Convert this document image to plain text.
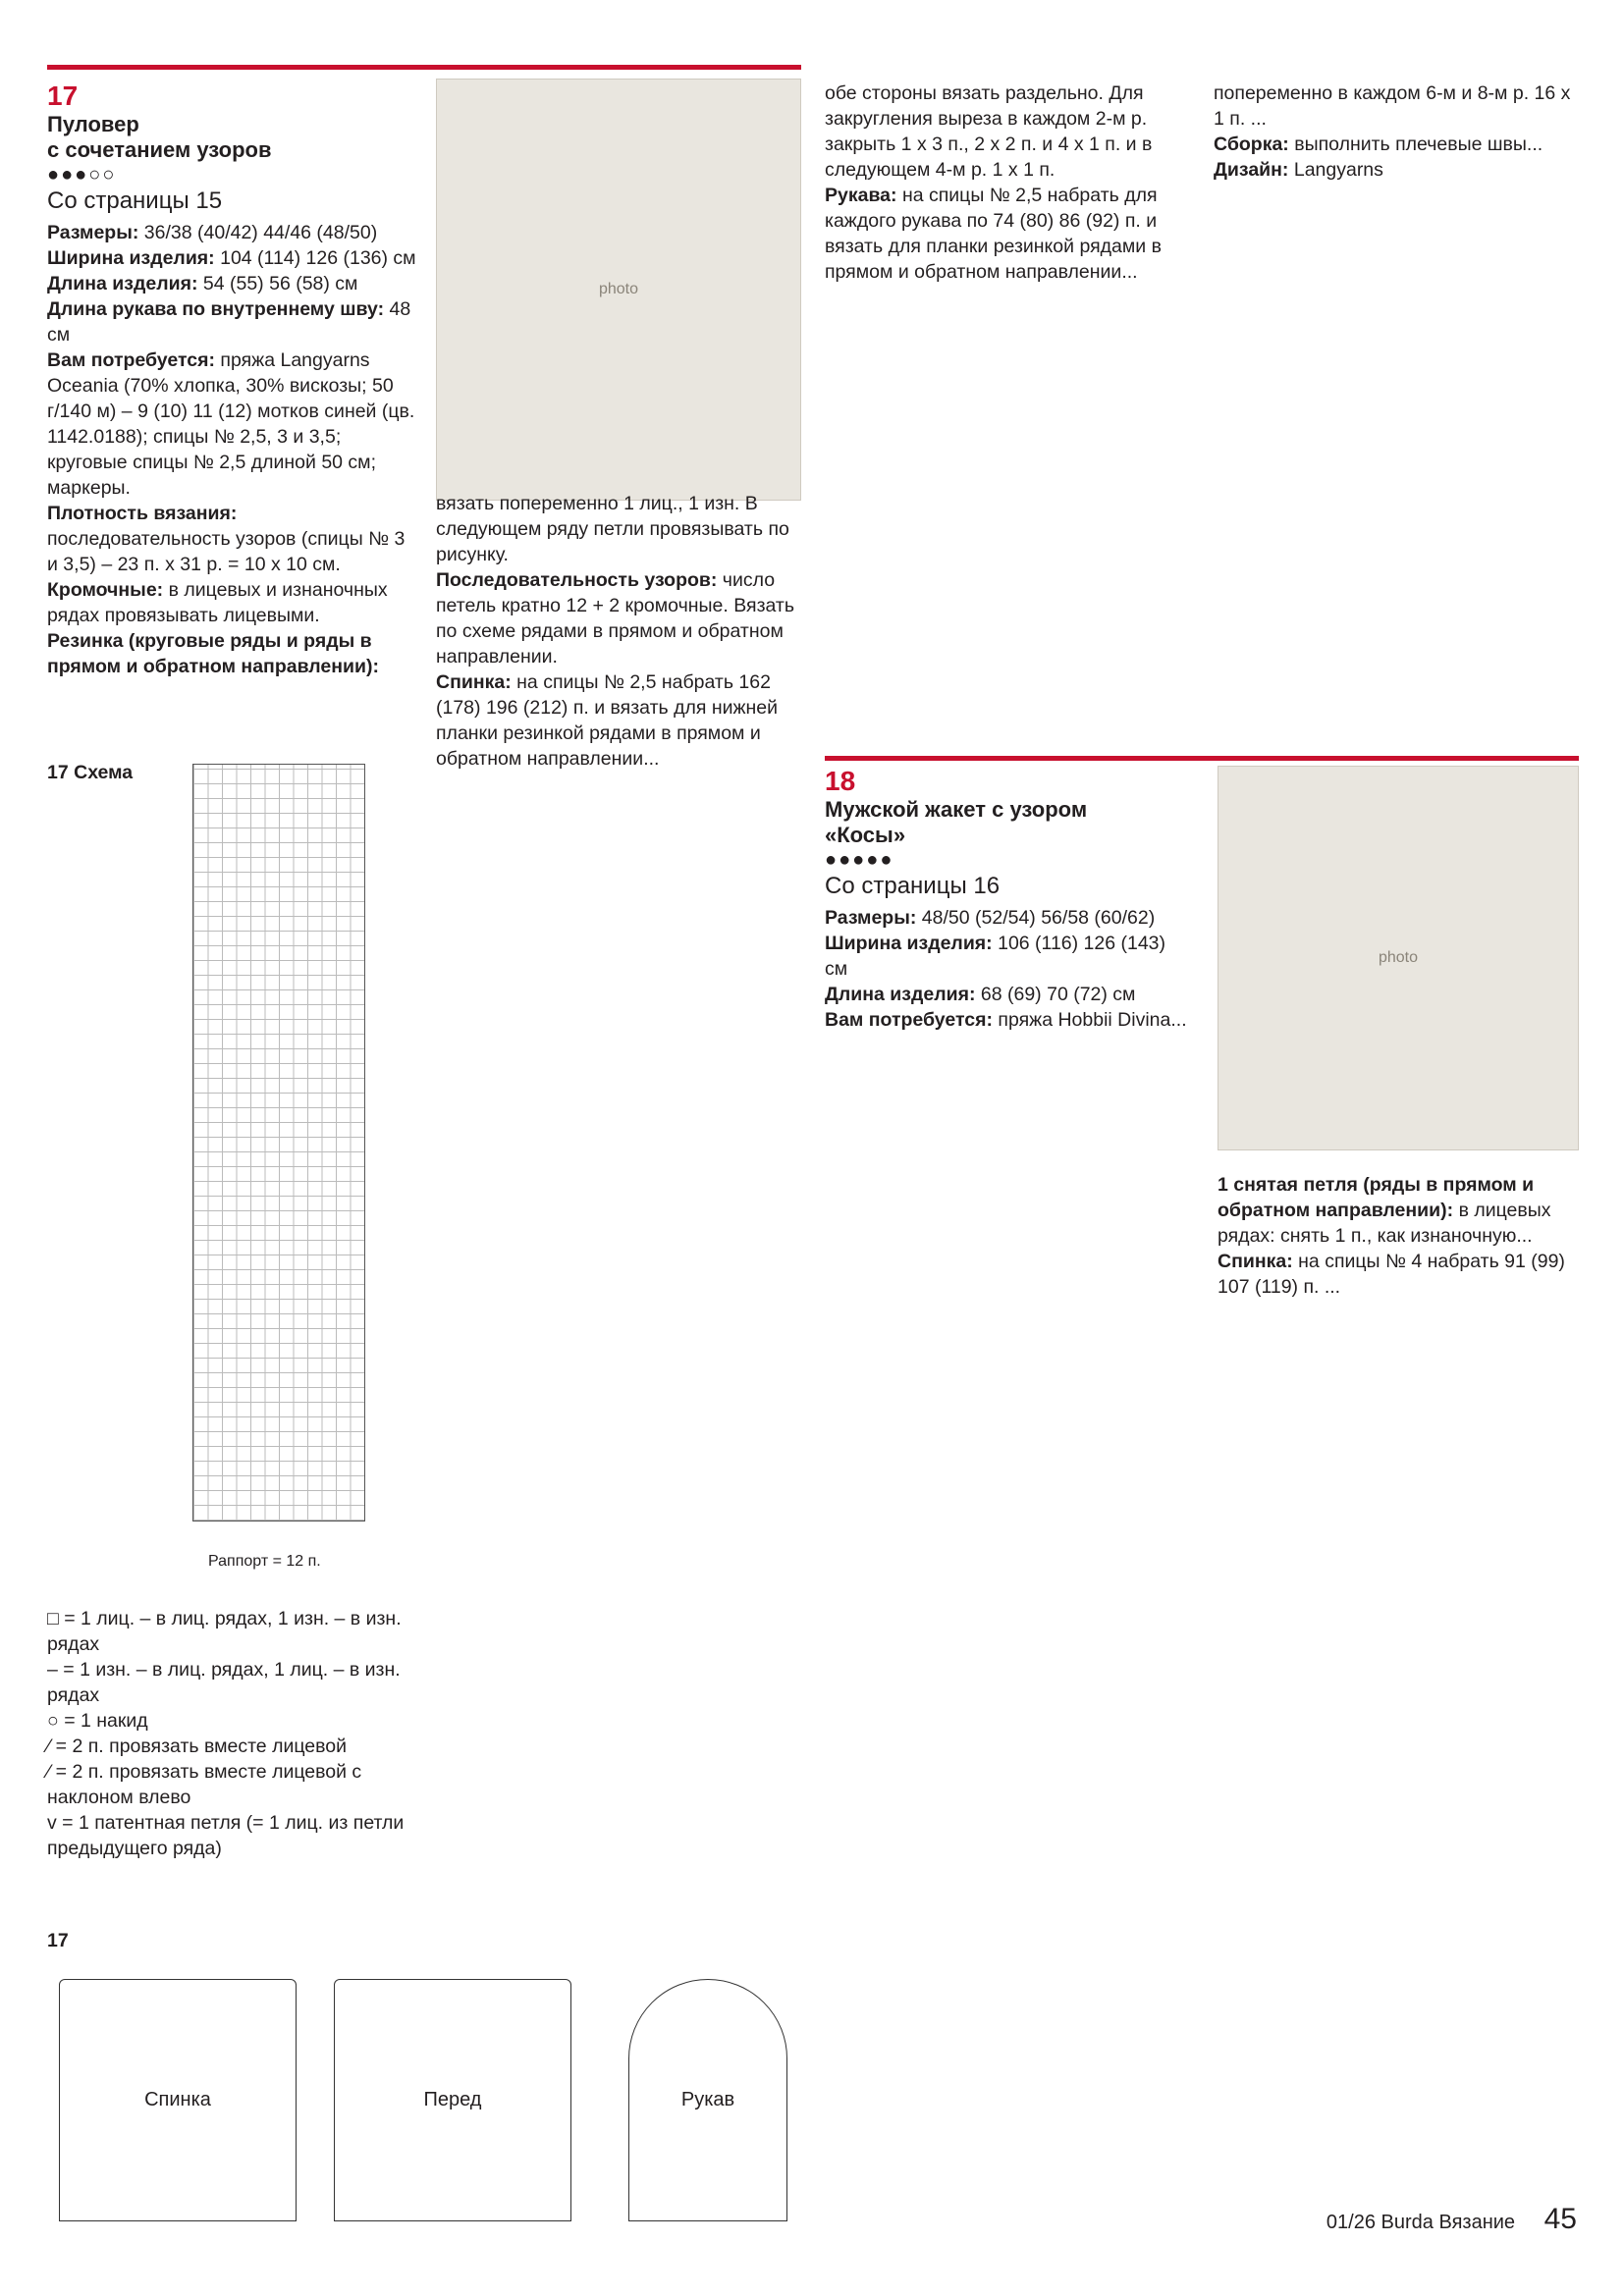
17
Пуловер
с сочетанием узоров
●●●○○
Со страницы 15
Размеры: 36/38 (40/42) 44/46 (48/50)
Ширина изделия: 104 (114) 126 (136) см
Длина изделия: 54 (55) 56 (58) см
Длина рукава по внутреннему шву: 48 см
Вам потребуется: пряжа Langyarns Oceania (70% хлопка, 30% вискозы; 50 г/140 м) – 9 (10) 11 (12) мотков синей (цв. 1142.0188); спицы № 2,5, 3 и 3,5; круговые спицы № 2,5 длиной 50 см; маркеры.
Плотность вязания: последовательность узоров (спицы № 3 и 3,5) – 23 п. х 31 р. = 10 х 10 см.
Кромочные: в лицевых и изнаночных рядах провязывать лицевыми.
Резинка (круговые ряды и ряды в прямом и обратном направлении):
photo
вязать попеременно 1 лиц., 1 изн. В следующем ряду петли провязывать по рисунку.
Последовательность узоров: число петель кратно 12 + 2 кромочные. Вязать по схеме рядами в прямом и обратном направлении.
Спинка: на спицы № 2,5 набрать 162 (178) 196 (212) п. и вязать для нижней планки резинкой рядами в прямом и обратном направлении...
17 Схема
Раппорт = 12 п.
□ = 1 лиц. – в лиц. рядах, 1 изн. – в изн. рядах
– = 1 изн. – в лиц. рядах, 1 лиц. – в изн. рядах
○ = 1 накид
⁄ = 2 п. провязать вместе лицевой
⁄ = 2 п. провязать вместе лицевой с наклоном влево
v = 1 патентная петля (= 1 лиц. из петли предыдущего ряда)
17
Спинка	Перед	Рукав
обе стороны вязать раздельно. Для закругления выреза в каждом 2-м р. закрыть 1 х 3 п., 2 х 2 п. и 4 х 1 п. и в следующем 4-м р. 1 х 1 п.
Рукава: на спицы № 2,5 набрать для каждого рукава по 74 (80) 86 (92) п. и вязать для планки резинкой рядами в прямом и обратном направлении...
попеременно в каждом 6-м и 8-м р. 16 х 1 п. ...
Сборка: выполнить плечевые швы...
Дизайн: Langyarns
18
Мужской жакет с узором
«Косы»
●●●●●
Со страницы 16
Размеры: 48/50 (52/54) 56/58 (60/62)
Ширина изделия: 106 (116) 126 (143) см
Длина изделия: 68 (69) 70 (72) см
Вам потребуется: пряжа Hobbii Divina...
photo
1 снятая петля (ряды в прямом и обратном направлении): в лицевых рядах: снять 1 п., как изнаночную...
Спинка: на спицы № 4 набрать 91 (99) 107 (119) п. ...
01/26 Burda Вязание 45
